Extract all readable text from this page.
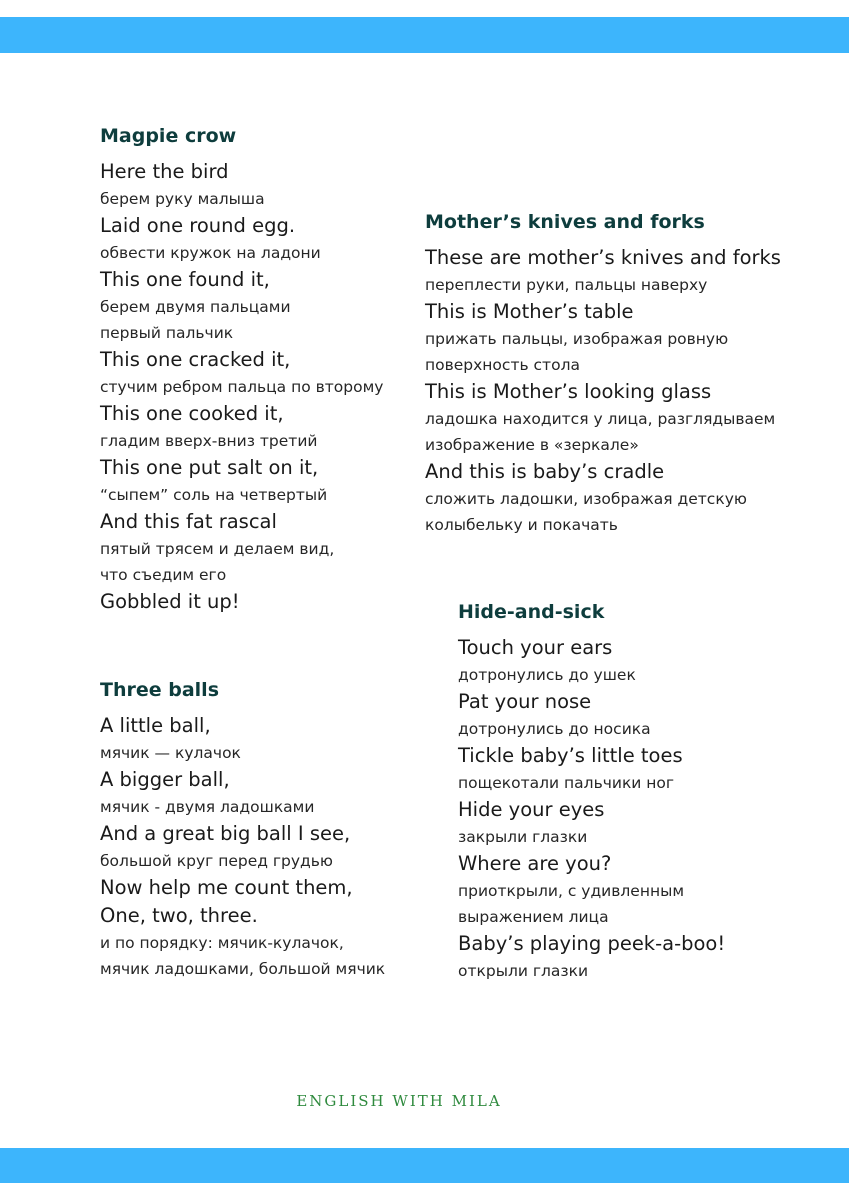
Magpie crow
Here the bird
берем руку малыша
Laid one round egg.
обвести кружок на ладони
This one found it,
берем двумя пальцами
первый пальчик
This one cracked it,
стучим ребром пальца по второму
This one cooked it,
гладим вверх-вниз третий
This one put salt on it,
“сыпем” соль на четвертый
And this fat rascal
пятый трясем и делаем вид,
что съедим его
Gobbled it up!
Mother’s knives and forks
These are mother’s knives and forks
переплести руки, пальцы наверху
This is Mother’s table
прижать пальцы, изображая ровную
поверхность стола
This is Mother’s looking glass
ладошка находится у лица, разглядываем
изображение в «зеркале»
And this is baby’s cradle
сложить ладошки, изображая детскую
колыбельку и покачать
Three balls
A little ball,
мячик — кулачок
A bigger ball,
мячик - двумя ладошками
And a great big ball I see,
большой круг перед грудью
Now help me count them,
One, two, three.
и по порядку: мячик-кулачок,
мячик ладошками, большой мячик
Hide-and-sick
Touch your ears
дотронулись до ушек
Pat your nose
дотронулись до носика
Tickle baby’s little toes
пощекотали пальчики ног
Hide your eyes
закрыли глазки
Where are you?
приоткрыли, с удивленным
выражением лица
Baby’s playing peek-a-boo!
открыли глазки
ENGLISH WITH MILA
